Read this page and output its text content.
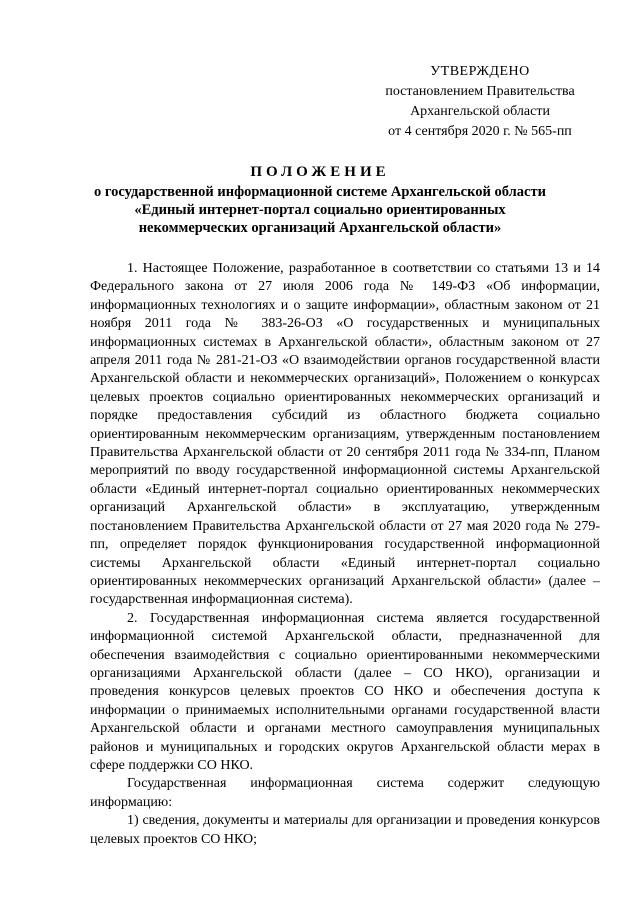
УТВЕРЖДЕНО
постановлением Правительства
Архангельской области
от 4 сентября 2020 г. № 565-пп
ПОЛОЖЕНИЕ
о государственной информационной системе Архангельской области
«Единый интернет-портал социально ориентированных
некоммерческих организаций Архангельской области»

1. Настоящее Положение, разработанное в соответствии со статьями 13 и 14 Федерального закона от 27 июля 2006 года № 149-ФЗ «Об информации, информационных технологиях и о защите информации», областным законом от 21 ноября 2011 года № 383-26-ОЗ «О государственных и муниципальных информационных системах в Архангельской области», областным законом от 27 апреля 2011 года № 281-21-ОЗ «О взаимодействии органов государственной власти Архангельской области и некоммерческих организаций», Положением о конкурсах целевых проектов социально ориентированных некоммерческих организаций и порядке предоставления субсидий из областного бюджета социально ориентированным некоммерческим организациям, утвержденным постановлением Правительства Архангельской области от 20 сентября 2011 года № 334-пп, Планом мероприятий по вводу государственной информационной системы Архангельской области «Единый интернет-портал социально ориентированных некоммерческих организаций Архангельской области» в эксплуатацию, утвержденным постановлением Правительства Архангельской области от 27 мая 2020 года № 279-пп, определяет порядок функционирования государственной информационной системы Архангельской области «Единый интернет-портал социально ориентированных некоммерческих организаций Архангельской области» (далее – государственная информационная система).

2. Государственная информационная система является государственной информационной системой Архангельской области, предназначенной для обеспечения взаимодействия с социально ориентированными некоммерческими организациями Архангельской области (далее – СО НКО), организации и проведения конкурсов целевых проектов СО НКО и обеспечения доступа к информации о принимаемых исполнительными органами государственной власти Архангельской области и органами местного самоуправления муниципальных районов и муниципальных и городских округов Архангельской области мерах в сфере поддержки СО НКО.

Государственная информационная система содержит следующую информацию:

1) сведения, документы и материалы для организации и проведения конкурсов целевых проектов СО НКО;
